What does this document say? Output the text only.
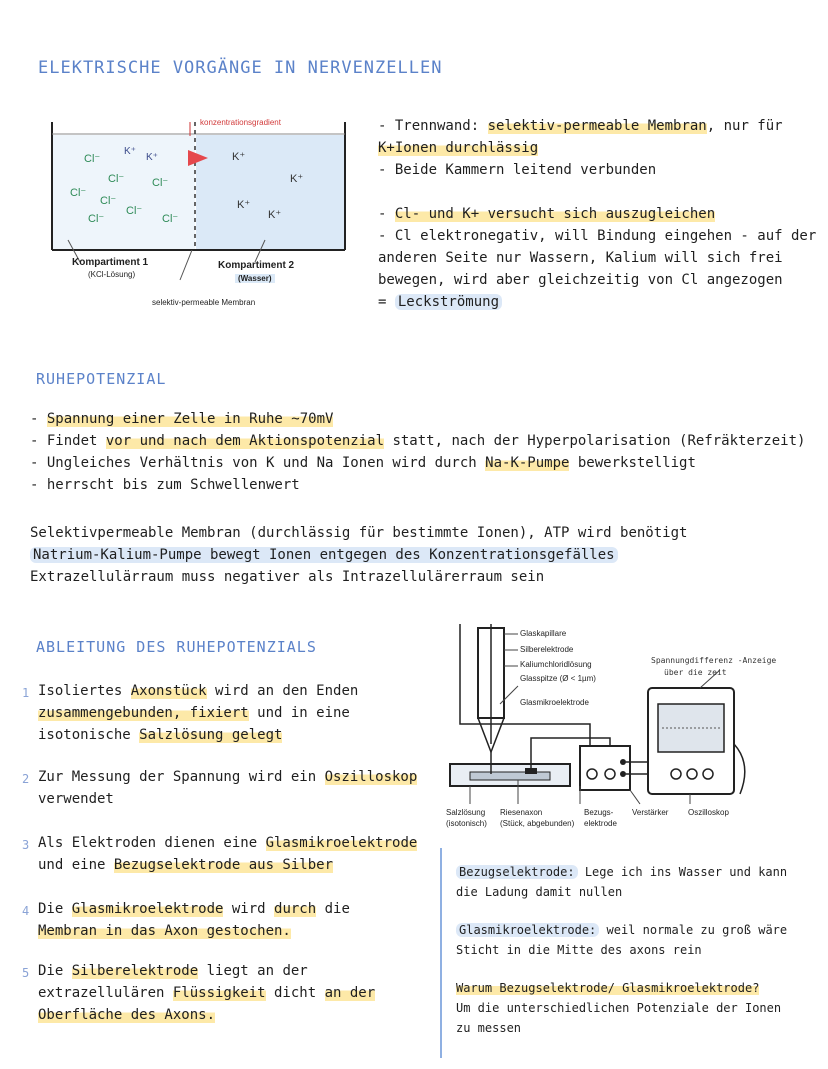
ELEKTRISCHE VORGÄNGE IN NERVENZELLEN
konzentrationsgradient
Cl⁻
K⁺
K⁺
Cl⁻	Cl⁻
Cl⁻
Cl⁻
Cl⁻	Cl⁻
Cl⁻
K⁺
K⁺
K⁺
K⁺
Kompartiment 1
(KCl-Lösung)
Kompartiment 2
(Wasser)
selektiv-permeable Membran
- Trennwand: selektiv-permeable Membran, nur für
K+Ionen durchlässig
- Beide Kammern leitend verbunden
- Cl- und K+ versucht sich auszugleichen
- Cl elektronegativ, will Bindung eingehen - auf der
anderen Seite nur Wassern, Kalium will sich frei
bewegen, wird aber gleichzeitig von Cl angezogen
= Leckströmung
RUHEPOTENZIAL
- Spannung einer Zelle in Ruhe ~70mV
- Findet vor und nach dem Aktionspotenzial statt, nach der Hyperpolarisation (Refräkterzeit)
- Ungleiches Verhältnis von K und Na Ionen wird durch Na-K-Pumpe bewerkstelligt
- herrscht bis zum Schwellenwert
Selektivpermeable Membran (durchlässig für bestimmte Ionen), ATP wird benötigt
Natrium-Kalium-Pumpe bewegt Ionen entgegen des Konzentrationsgefälles
Extrazellulärraum muss negativer als Intrazellulärerraum sein
ABLEITUNG DES RUHEPOTENZIALS
1 Isoliertes Axonstück wird an den Enden
zusammengebunden, fixiert und in eine
isotonische Salzlösung gelegt
2 Zur Messung der Spannung wird ein Oszilloskop
verwendet
3 Als Elektroden dienen eine Glasmikroelektrode
und eine Bezugselektrode aus Silber
4 Die Glasmikroelektrode wird durch die
Membran in das Axon gestochen.
5 Die Silberelektrode liegt an der
extrazellulären Flüssigkeit dicht an der
Oberfläche des Axons.
Glaskapillare
Silberelektrode
Kaliumchloridlösung
Glasspitze (Ø < 1µm)
Glasmikroelektrode
Spannungdifferenz -Anzeige
über die zeit
Salzlösung
(isotonisch)
Riesenaxon
(Stück, abgebunden)
Bezugs-
elektrode
Verstärker Oszilloskop
Bezugselektrode: Lege ich ins Wasser und kann
die Ladung damit nullen
Glasmikroelektrode: weil normale zu groß wäre
Sticht in die Mitte des axons rein
Warum Bezugselektrode/ Glasmikroelektrode?
Um die unterschiedlichen Potenziale der Ionen
zu messen
